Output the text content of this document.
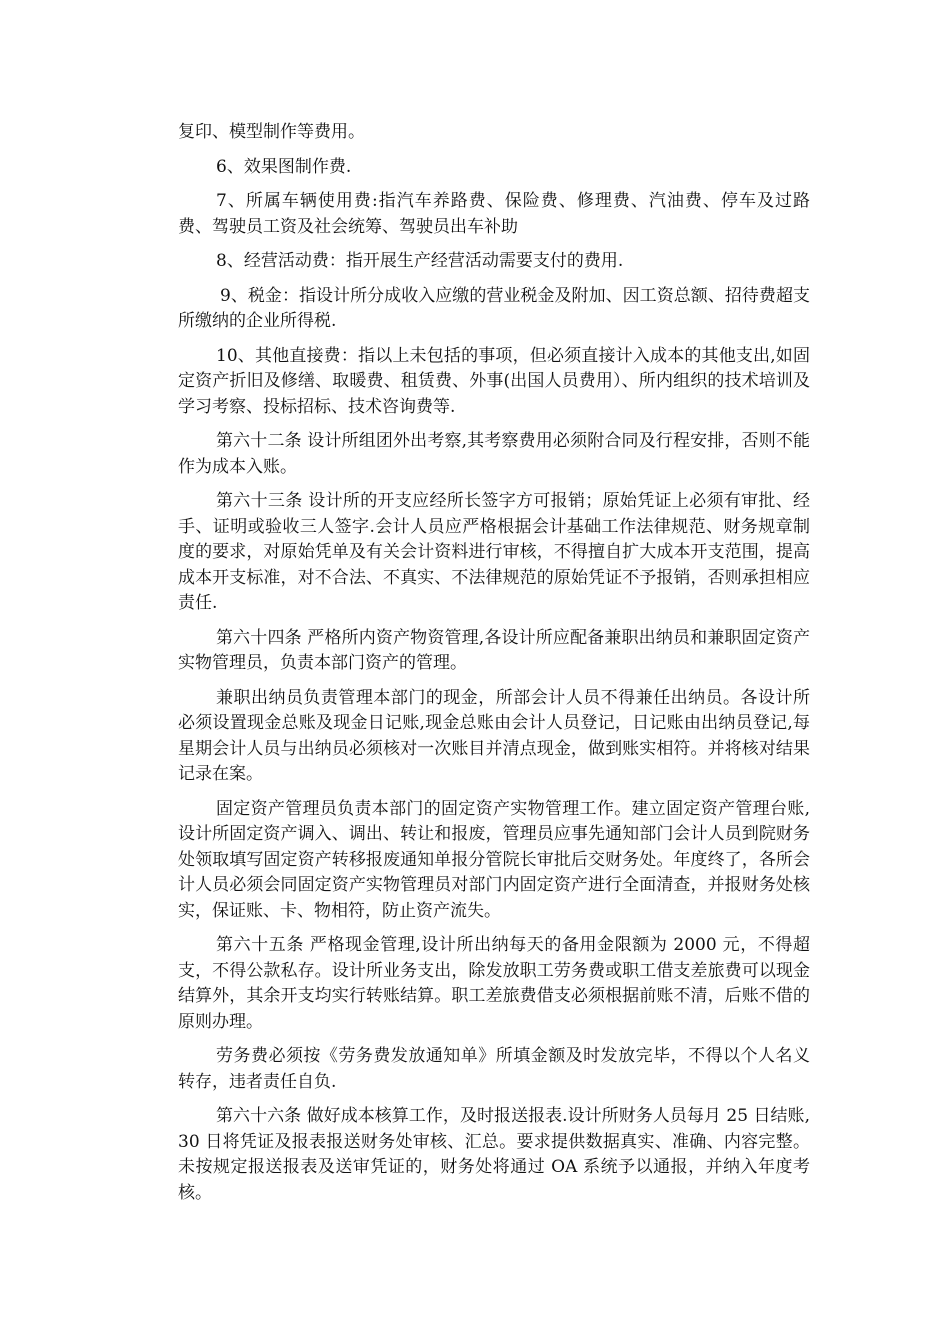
复印、模型制作等费用。

6、效果图制作费.

7、所属车辆使用费:指汽车养路费、保险费、修理费、汽油费、停车及过路费、驾驶员工资及社会统筹、驾驶员出车补助

8、经营活动费：指开展生产经营活动需要支付的费用.

9、税金：指设计所分成收入应缴的营业税金及附加、因工资总额、招待费超支所缴纳的企业所得税.

10、其他直接费：指以上未包括的事项，但必须直接计入成本的其他支出,如固定资产折旧及修缮、取暖费、租赁费、外事(出国人员费用）、所内组织的技术培训及学习考察、投标招标、技术咨询费等.

第六十二条 设计所组团外出考察,其考察费用必须附合同及行程安排，否则不能作为成本入账。

第六十三条 设计所的开支应经所长签字方可报销；原始凭证上必须有审批、经手、证明或验收三人签字.会计人员应严格根据会计基础工作法律规范、财务规章制度的要求，对原始凭单及有关会计资料进行审核，不得擅自扩大成本开支范围，提高成本开支标准，对不合法、不真实、不法律规范的原始凭证不予报销，否则承担相应责任.

第六十四条 严格所内资产物资管理,各设计所应配备兼职出纳员和兼职固定资产实物管理员，负责本部门资产的管理。

兼职出纳员负责管理本部门的现金，所部会计人员不得兼任出纳员。各设计所必须设置现金总账及现金日记账,现金总账由会计人员登记，日记账由出纳员登记,每星期会计人员与出纳员必须核对一次账目并清点现金，做到账实相符。并将核对结果记录在案。

固定资产管理员负责本部门的固定资产实物管理工作。建立固定资产管理台账,设计所固定资产调入、调出、转让和报废，管理员应事先通知部门会计人员到院财务处领取填写固定资产转移报废通知单报分管院长审批后交财务处。年度终了，各所会计人员必须会同固定资产实物管理员对部门内固定资产进行全面清查，并报财务处核实，保证账、卡、物相符，防止资产流失。

第六十五条 严格现金管理,设计所出纳每天的备用金限额为 2000 元，不得超支，不得公款私存。设计所业务支出，除发放职工劳务费或职工借支差旅费可以现金结算外，其余开支均实行转账结算。职工差旅费借支必须根据前账不清，后账不借的原则办理。

劳务费必须按《劳务费发放通知单》所填金额及时发放完毕，不得以个人名义转存，违者责任自负.

第六十六条 做好成本核算工作，及时报送报表.设计所财务人员每月 25 日结账,30 日将凭证及报表报送财务处审核、汇总。要求提供数据真实、准确、内容完整。未按规定报送报表及送审凭证的，财务处将通过 OA 系统予以通报，并纳入年度考核。
